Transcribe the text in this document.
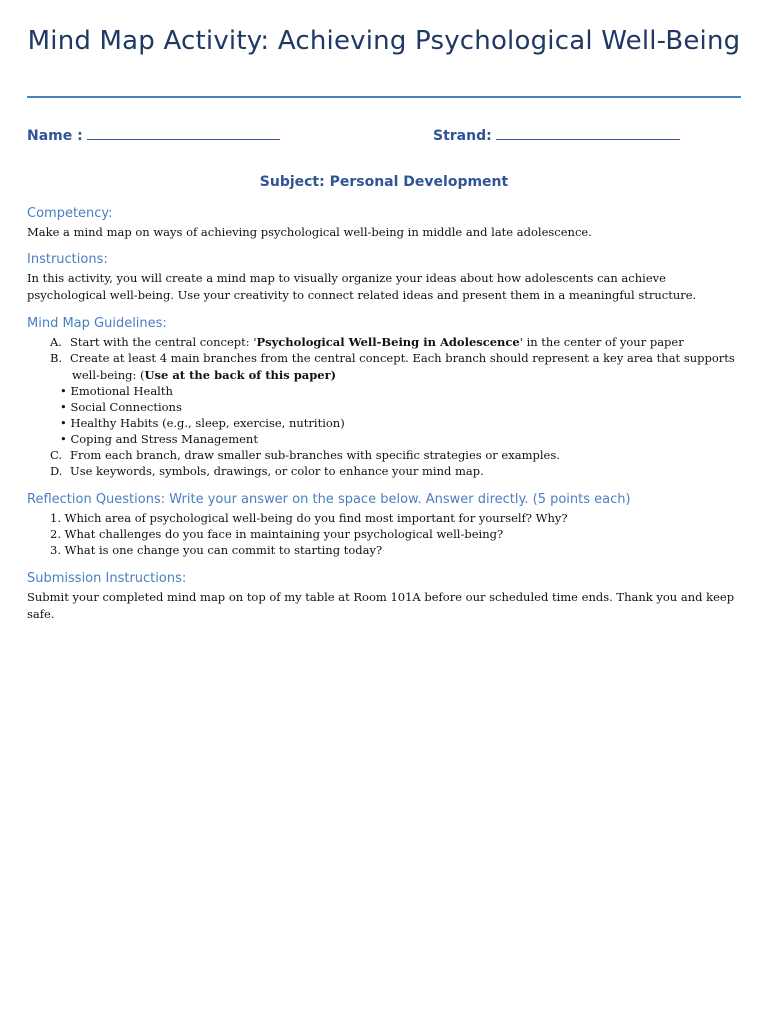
Mind Map Activity: Achieving Psychological Well-Being
Name :	Strand:
Subject: Personal Development
Competency:
Make a mind map on ways of achieving psychological well-being in middle and late adolescence.
Instructions:
In this activity, you will create a mind map to visually organize your ideas about how adolescents can achieve psychological well-being. Use your creativity to connect related ideas and present them in a meaningful structure.
Mind Map Guidelines:
A. Start with the central concept: 'Psychological Well-Being in Adolescence' in the center of your paper
B. Create at least 4 main branches from the central concept. Each branch should represent a key area that supports
well-being: (Use at the back of this paper)
• Emotional Health
• Social Connections
• Healthy Habits (e.g., sleep, exercise, nutrition)
• Coping and Stress Management
C. From each branch, draw smaller sub-branches with specific strategies or examples.
D. Use keywords, symbols, drawings, or color to enhance your mind map.
Reflection Questions: Write your answer on the space below. Answer directly. (5 points each)
1. Which area of psychological well-being do you find most important for yourself? Why?
2. What challenges do you face in maintaining your psychological well-being?
3. What is one change you can commit to starting today?
Submission Instructions:
Submit your completed mind map on top of my table at Room 101A before our scheduled time ends. Thank you and keep safe.
